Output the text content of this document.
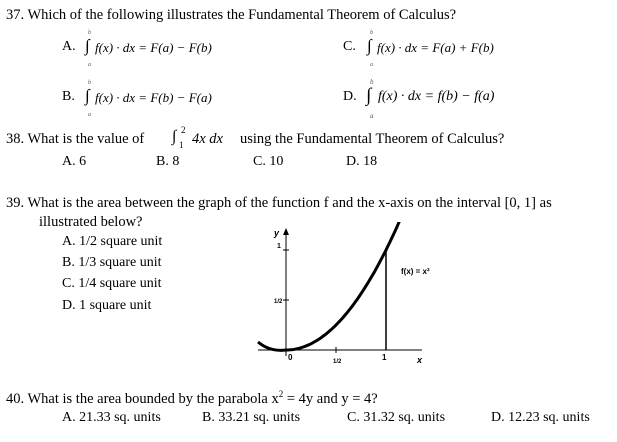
37. Which of the following illustrates the Fundamental Theorem of Calculus?
A.
b
∫
a
f(x) · dx = F(a) − F(b)	C.
b
∫
a
f(x) · dx = F(a) + F(b)
B.
b
∫
a
f(x) · dx = F(b) − F(a)	D.
b
∫
a
f(x) · dx = f(b) − f(a)
38. What is the value of ∫ 2
1 4x dx using the Fundamental Theorem of Calculus?
A. 6	B. 8	C. 10	D. 18
39. What is the area between the graph of the function f and the x-axis on the interval [0, 1] as
illustrated below?
A. 1/2 square unit
B. 1/3 square unit
C. 1/4 square unit
D. 1 square unit
y
1
1/2
0	1/2	1	x
f(x) = x²
40. What is the area bounded by the parabola $x^2 = 4y$ and y = 4?
A. 21.33 sq. units	B. 33.21 sq. units	C. 31.32 sq. units	D. 12.23 sq. units
